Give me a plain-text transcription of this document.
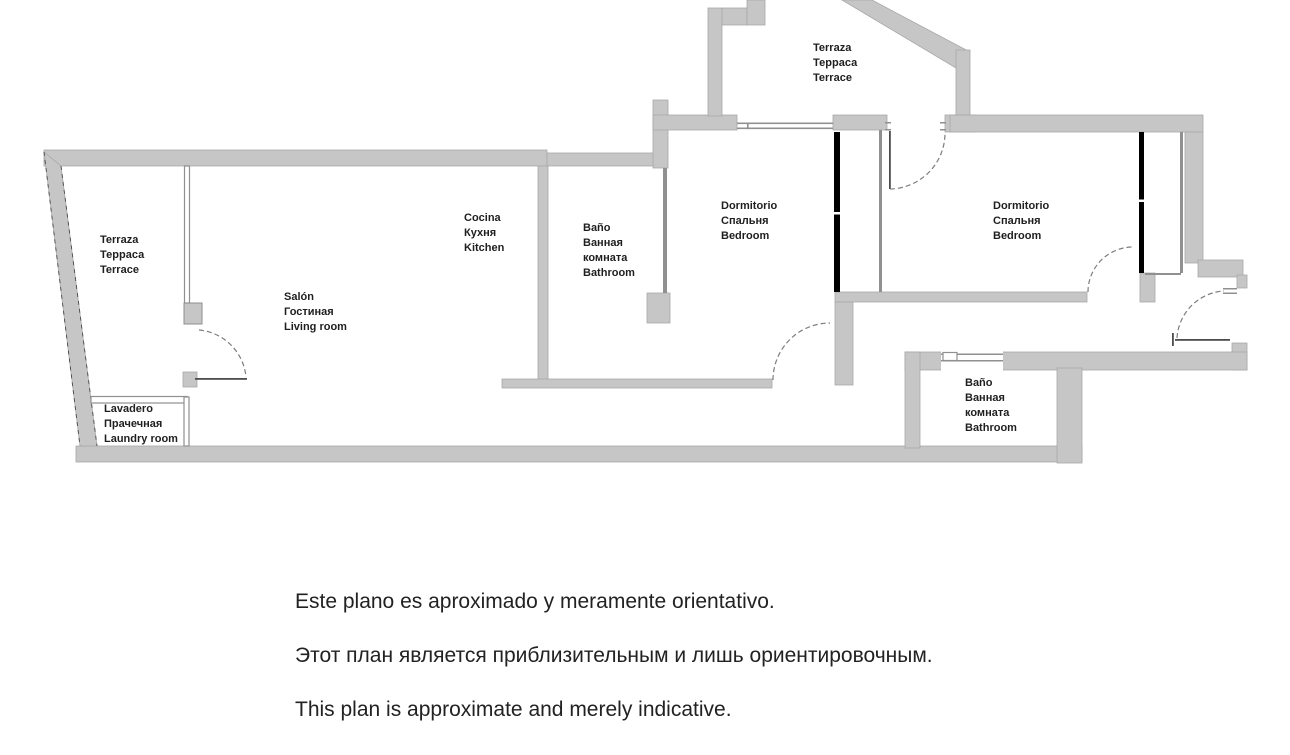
Terraza
Терраса
Terrace
Terraza
Терраса
Terrace
Cocina
Кухня
Kitchen
Salón
Гостиная
Living room
Baño
Ванная
комната
Bathroom
Dormitorio
Спальня
Bedroom
Dormitorio
Спальня
Bedroom
Baño
Ванная
комната
Bathroom
Lavadero
Прачечная
Laundry room
Este plano es aproximado y meramente orientativo.
Этот план является приблизительным и лишь ориентировочным.
This plan is approximate and merely indicative.
